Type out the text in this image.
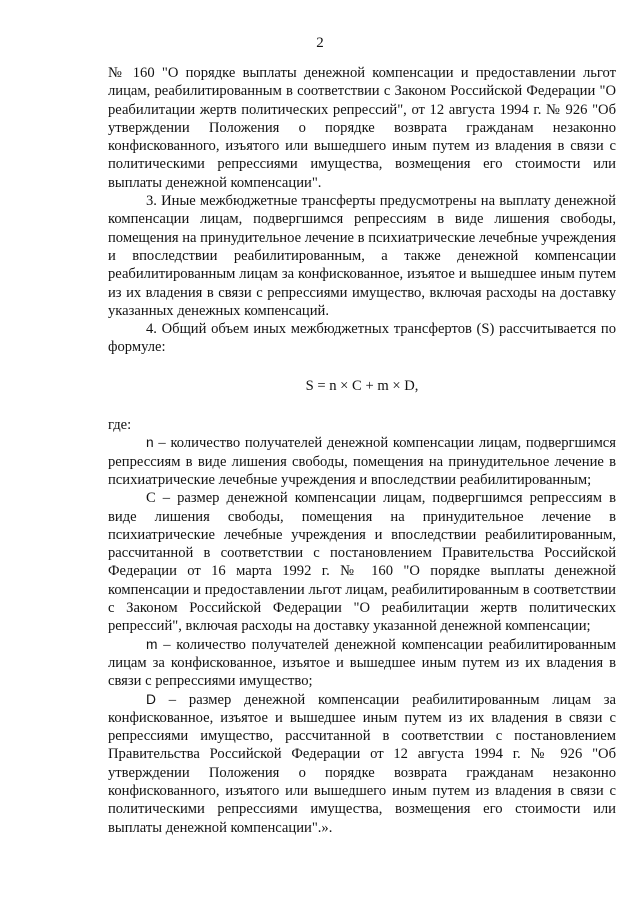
2

№ 160 "О порядке выплаты денежной компенсации и предоставлении льгот лицам, реабилитированным в соответствии с Законом Российской Федерации "О реабилитации жертв политических репрессий", от 12 августа 1994 г. № 926 "Об утверждении Положения о порядке возврата гражданам незаконно конфискованного, изъятого или вышедшего иным путем из владения в связи с политическими репрессиями имущества, возмещения его стоимости или выплаты денежной компенсации".

3. Иные межбюджетные трансферты предусмотрены на выплату денежной компенсации лицам, подвергшимся репрессиям в виде лишения свободы, помещения на принудительное лечение в психиатрические лечебные учреждения и впоследствии реабилитированным, а также денежной компенсации реабилитированным лицам за конфискованное, изъятое и вышедшее иным путем из их владения в связи с репрессиями имущество, включая расходы на доставку указанных денежных компенсаций.

4. Общий объем иных межбюджетных трансфертов (S) рассчитывается по формуле:

S = n × C + m × D,

где:

n – количество получателей денежной компенсации лицам, подвергшимся репрессиям в виде лишения свободы, помещения на принудительное лечение в психиатрические лечебные учреждения и впоследствии реабилитированным;

C – размер денежной компенсации лицам, подвергшимся репрессиям в виде лишения свободы, помещения на принудительное лечение в психиатрические лечебные учреждения и впоследствии реабилитированным, рассчитанной в соответствии с постановлением Правительства Российской Федерации от 16 марта 1992 г. № 160 "О порядке выплаты денежной компенсации и предоставлении льгот лицам, реабилитированным в соответствии с Законом Российской Федерации "О реабилитации жертв политических репрессий", включая расходы на доставку указанной денежной компенсации;

m – количество получателей денежной компенсации реабилитированным лицам за конфискованное, изъятое и вышедшее иным путем из их владения в связи с репрессиями имущество;

D – размер денежной компенсации реабилитированным лицам за конфискованное, изъятое и вышедшее иным путем из их владения в связи с репрессиями имущество, рассчитанной в соответствии с постановлением Правительства Российской Федерации от 12 августа 1994 г. № 926 "Об утверждении Положения о порядке возврата гражданам незаконно конфискованного, изъятого или вышедшего иным путем из владения в связи с политическими репрессиями имущества, возмещения его стоимости или выплаты денежной компенсации".».
